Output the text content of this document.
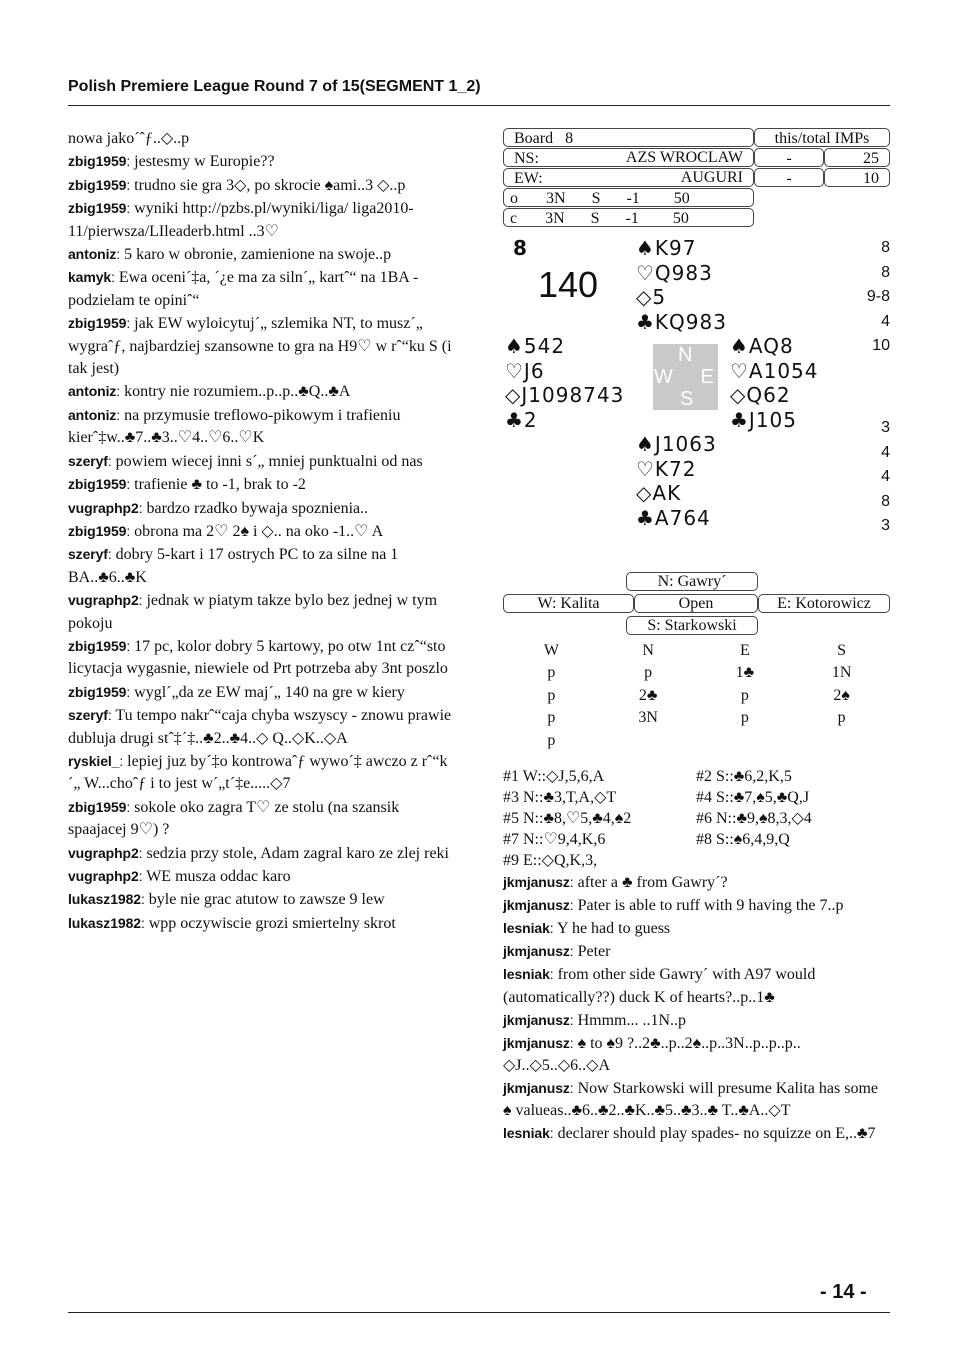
Polish Premiere League Round 7 of 15(SEGMENT 1_2)

nowa jako´ˆƒ..◇..p

zbig1959 : jestesmy w Europie??

zbig1959 : trudno sie gra 3◇, po skrocie ♠ami..3 ◇..p

zbig1959 : wyniki http://pzbs.pl/wyniki/liga/ liga2010-11/pierwsza/LIleaderb.html ..3♡

antoniz : 5 karo w obronie, zamienione na swoje..p

kamyk : Ewa oceni´‡a, ´¿e ma za siln´„ kartˆ“ na 1BA - podzielam te opiniˆ“

zbig1959 : jak EW wyloicytuj´„ szlemika NT, to musz´„ wygraˆƒ, najbardziej szansowne to gra na H9♡ w rˆ“ku S (i tak jest)

antoniz : kontry nie rozumiem..p..p..♣Q..♣A

antoniz : na przymusie treflowo-pikowym i trafieniu kierˆ‡w..♣7..♣3..♡4..♡6..♡K

szeryf : powiem wiecej inni s´„ mniej punktualni od nas

zbig1959 : trafienie ♣ to -1, brak to -2

vugraphp2 : bardzo rzadko bywaja spoznienia..

zbig1959 : obrona ma 2♡ 2♠ i ◇.. na oko -1..♡ A

szeryf : dobry 5-kart i 17 ostrych PC to za silne na 1 BA..♣6..♣K

vugraphp2 : jednak w piatym takze bylo bez jednej w tym pokoju

zbig1959 : 17 pc, kolor dobry 5 kartowy, po otw 1nt czˆ“sto licytacja wygasnie, niewiele od Prt potrzeba aby 3nt poszlo

zbig1959 : wygl´„da ze EW maj´„ 140 na gre w kiery

szeryf : Tu tempo nakrˆ“caja chyba wszyscy - znowu prawie dubluja drugi stˆ‡´‡..♣2..♣4..◇ Q..◇K..◇A

ryskiel_ : lepiej juz by´‡o kontrowaˆƒ wywo´‡ awczo z rˆ“k´„ W...choˆƒ i to jest w´„t´‡e.....◇7

zbig1959 : sokole oko zagra T♡ ze stolu (na szansik spaajacej 9♡) ?

vugraphp2 : sedzia przy stole, Adam zagral karo ze zlej reki

vugraphp2 : WE musza oddac karo

lukasz1982 : byle nie grac atutow to zawsze 9 lew

lukasz1982 : wpp oczywiscie grozi smiertelny skrot

Board 8	this/total IMPs
NS:	AZS WROCLAW	-	25
EW:	AUGURI	-	10
o 3N S -1 50
c 3N S -1 50
8
140
♠K97
♡Q983
◇5
♣KQ983
♠542
♡J6
◇J1098743
♣2
N
W E
S
♠AQ8
♡A1054
◇Q62
♣J105
♠J1063
♡K72
◇AK
♣A764
8
8
9-8
4
10
3
4
4
8
3
N: Gawry´
W: Kalita	Open	E: Kotorowicz
S: Starkowski
W	N	E	S
p	p	1♣	1N
p	2♣	p	2♠
p	3N	p	p
p
#1 W::◇J,5,6,A	#2 S::♣6,2,K,5
#3 N::♣3,T,A,◇T	#4 S::♣7,♠5,♣Q,J
#5 N::♣8,♡5,♣4,♠2	#6 N::♣9,♠8,3,◇4
#7 N::♡9,4,K,6	#8 S::♠6,4,9,Q
#9 E::◇Q,K,3,

jkmjanusz : after a ♣ from Gawry´?

jkmjanusz : Pater is able to ruff with 9 having the 7..p

lesniak : Y he had to guess

jkmjanusz : Peter

lesniak : from other side Gawry´ with A97 would (automatically??) duck K of hearts?..p..1♣

jkmjanusz : Hmmm... ..1N..p

jkmjanusz : ♠ to ♠9 ?..2♣..p..2♠..p..3N..p..p..p.. ◇J..◇5..◇6..◇A

jkmjanusz : Now Starkowski will presume Kalita has some ♠ valueas..♣6..♣2..♣K..♣5..♣3..♣ T..♣A..◇T

lesniak : declarer should play spades- no squizze on E,..♣7

- 14 -
